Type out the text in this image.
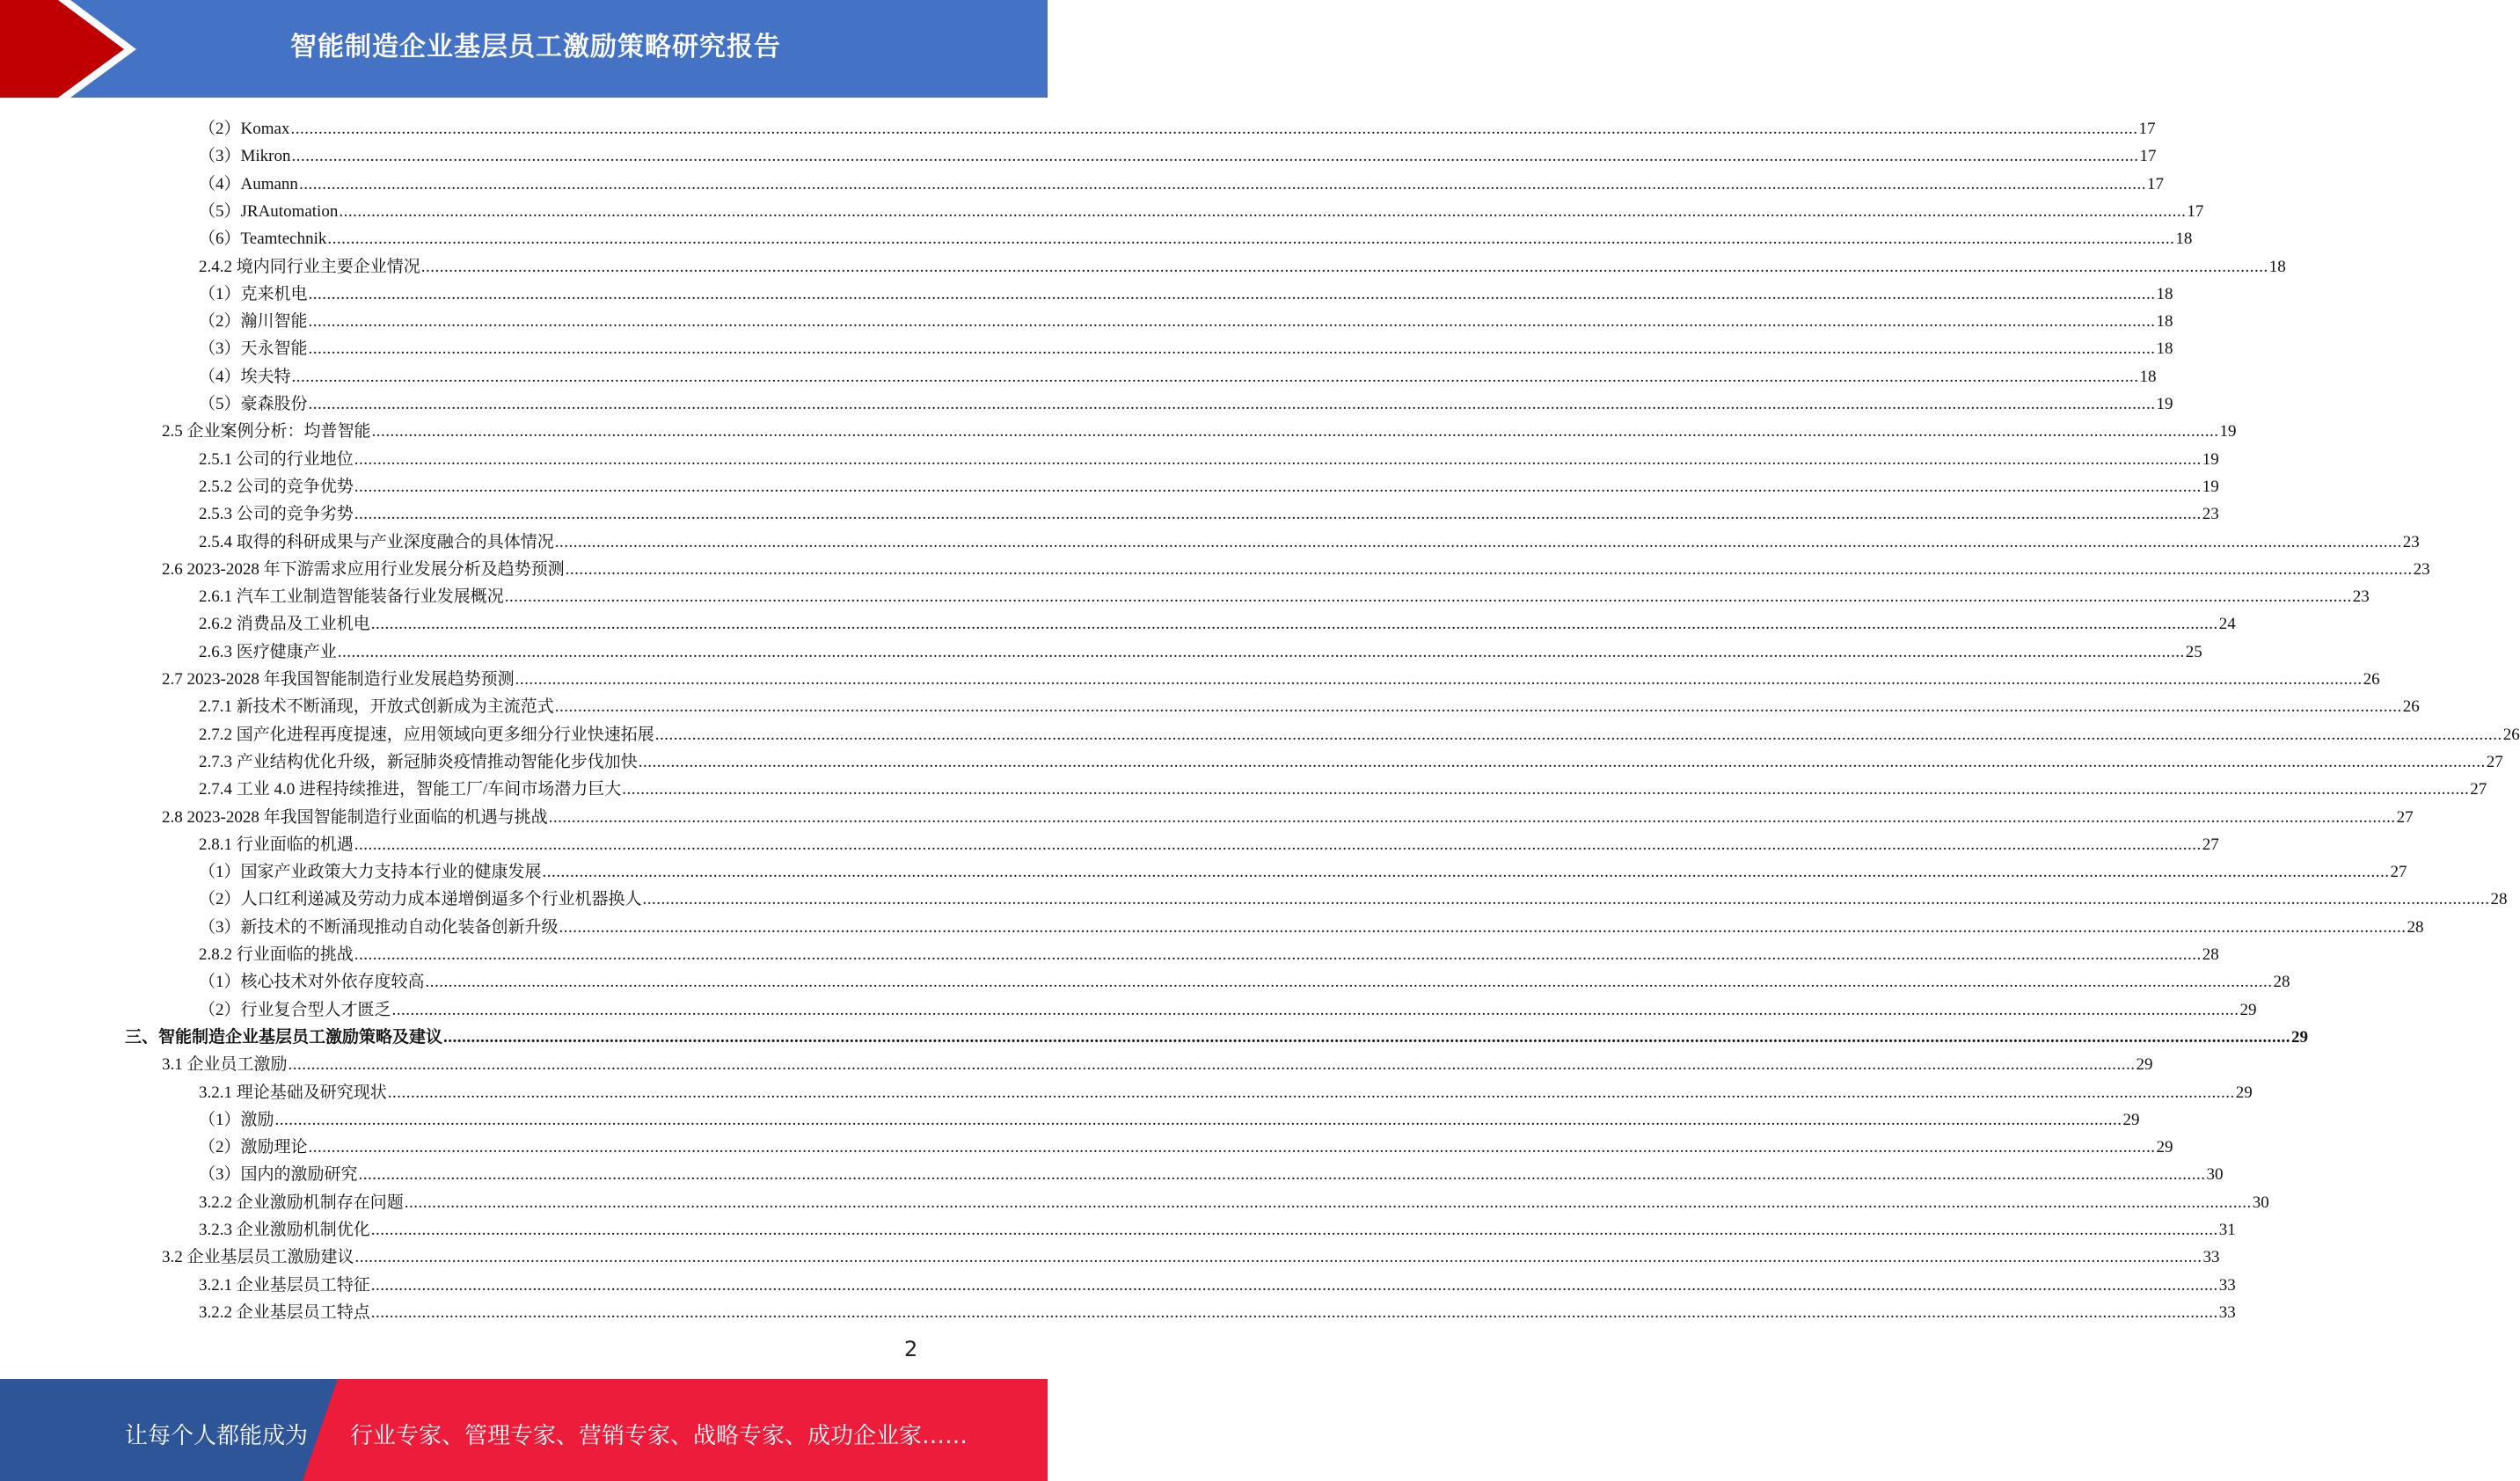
智能制造企业基层员工激励策略研究报告
（2）Komax ................................................................................................................................................................................................................................................................................................................................................................................................................ 17
（3）Mikron ................................................................................................................................................................................................................................................................................................................................................................................................................ 17
（4）Aumann ................................................................................................................................................................................................................................................................................................................................................................................................................ 17
（5）JRAutomation ................................................................................................................................................................................................................................................................................................................................................................................................................ 17
（6）Teamtechnik ................................................................................................................................................................................................................................................................................................................................................................................................................ 18
2.4.2 境内同行业主要企业情况 ................................................................................................................................................................................................................................................................................................................................................................................................................ 18
（1）克来机电 ................................................................................................................................................................................................................................................................................................................................................................................................................ 18
（2）瀚川智能 ................................................................................................................................................................................................................................................................................................................................................................................................................ 18
（3）天永智能 ................................................................................................................................................................................................................................................................................................................................................................................................................ 18
（4）埃夫特 ................................................................................................................................................................................................................................................................................................................................................................................................................ 18
（5）豪森股份 ................................................................................................................................................................................................................................................................................................................................................................................................................ 19
2.5 企业案例分析：均普智能 ................................................................................................................................................................................................................................................................................................................................................................................................................ 19
2.5.1 公司的行业地位 ................................................................................................................................................................................................................................................................................................................................................................................................................ 19
2.5.2 公司的竞争优势 ................................................................................................................................................................................................................................................................................................................................................................................................................ 19
2.5.3 公司的竞争劣势 ................................................................................................................................................................................................................................................................................................................................................................................................................ 23
2.5.4 取得的科研成果与产业深度融合的具体情况 ................................................................................................................................................................................................................................................................................................................................................................................................................ 23
2.6 2023-2028 年下游需求应用行业发展分析及趋势预测 ................................................................................................................................................................................................................................................................................................................................................................................................................ 23
2.6.1 汽车工业制造智能装备行业发展概况 ................................................................................................................................................................................................................................................................................................................................................................................................................ 23
2.6.2 消费品及工业机电 ................................................................................................................................................................................................................................................................................................................................................................................................................ 24
2.6.3 医疗健康产业 ................................................................................................................................................................................................................................................................................................................................................................................................................ 25
2.7 2023-2028 年我国智能制造行业发展趋势预测 ................................................................................................................................................................................................................................................................................................................................................................................................................ 26
2.7.1 新技术不断涌现，开放式创新成为主流范式 ................................................................................................................................................................................................................................................................................................................................................................................................................ 26
2.7.2 国产化进程再度提速，应用领域向更多细分行业快速拓展 ................................................................................................................................................................................................................................................................................................................................................................................................................ 26
2.7.3 产业结构优化升级，新冠肺炎疫情推动智能化步伐加快 ................................................................................................................................................................................................................................................................................................................................................................................................................ 27
2.7.4 工业 4.0 进程持续推进，智能工厂/车间市场潜力巨大 ................................................................................................................................................................................................................................................................................................................................................................................................................ 27
2.8 2023-2028 年我国智能制造行业面临的机遇与挑战 ................................................................................................................................................................................................................................................................................................................................................................................................................ 27
2.8.1 行业面临的机遇 ................................................................................................................................................................................................................................................................................................................................................................................................................ 27
（1）国家产业政策大力支持本行业的健康发展 ................................................................................................................................................................................................................................................................................................................................................................................................................ 27
（2）人口红利递减及劳动力成本递增倒逼多个行业机器换人 ................................................................................................................................................................................................................................................................................................................................................................................................................ 28
（3）新技术的不断涌现推动自动化装备创新升级 ................................................................................................................................................................................................................................................................................................................................................................................................................ 28
2.8.2 行业面临的挑战 ................................................................................................................................................................................................................................................................................................................................................................................................................ 28
（1）核心技术对外依存度较高 ................................................................................................................................................................................................................................................................................................................................................................................................................ 28
（2）行业复合型人才匮乏 ................................................................................................................................................................................................................................................................................................................................................................................................................ 29
三、智能制造企业基层员工激励策略及建议 ................................................................................................................................................................................................................................................................................................................................................................................................................ 29
3.1 企业员工激励 ................................................................................................................................................................................................................................................................................................................................................................................................................ 29
3.2.1 理论基础及研究现状 ................................................................................................................................................................................................................................................................................................................................................................................................................ 29
（1）激励 ................................................................................................................................................................................................................................................................................................................................................................................................................ 29
（2）激励理论 ................................................................................................................................................................................................................................................................................................................................................................................................................ 29
（3）国内的激励研究 ................................................................................................................................................................................................................................................................................................................................................................................................................ 30
3.2.2 企业激励机制存在问题 ................................................................................................................................................................................................................................................................................................................................................................................................................ 30
3.2.3 企业激励机制优化 ................................................................................................................................................................................................................................................................................................................................................................................................................ 31
3.2 企业基层员工激励建议 ................................................................................................................................................................................................................................................................................................................................................................................................................ 33
3.2.1 企业基层员工特征 ................................................................................................................................................................................................................................................................................................................................................................................................................ 33
3.2.2 企业基层员工特点 ................................................................................................................................................................................................................................................................................................................................................................................................................ 33
2
让每个人都能成为 行业专家、管理专家、营销专家、战略专家、成功企业家……
